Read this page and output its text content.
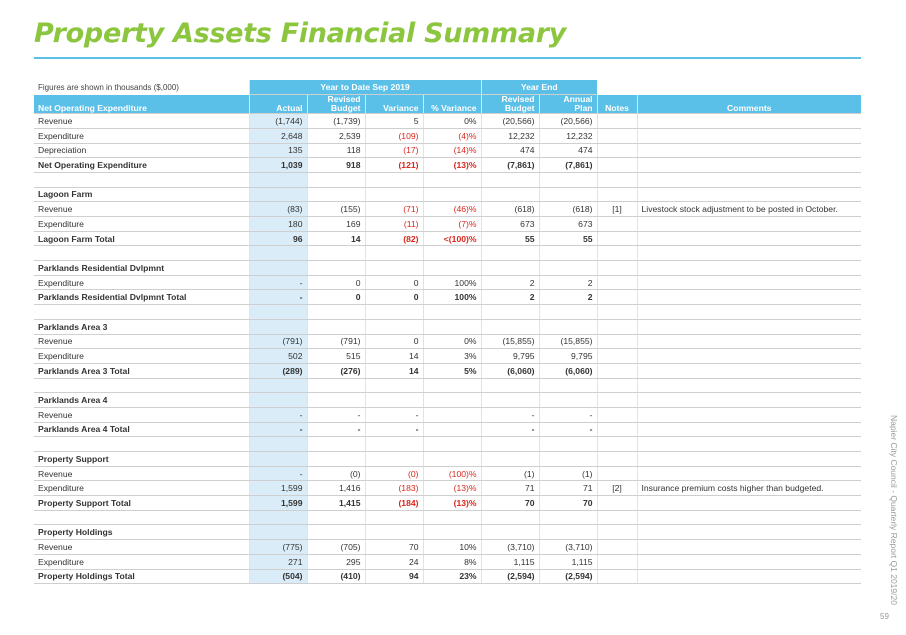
Property Assets Financial Summary
Figures are shown in thousands ($,000)	Year to Date Sep 2019				Year End			
Net Operating Expenditure	Actual	Revised Budget	Variance	% Variance	Revised Budget	Annual Plan	Notes	Comments
Revenue	(1,744)	(1,739)	5	0%	(20,566)	(20,566)		
Expenditure	2,648	2,539	(109)	(4)%	12,232	12,232		
Depreciation	135	118	(17)	(14)%	474	474		
Net Operating Expenditure	1,039	918	(121)	(13)%	(7,861)	(7,861)		

Lagoon Farm								
Revenue	(83)	(155)	(71)	(46)%	(618)	(618)	[1]	Livestock stock adjustment to be posted in October.
Expenditure	180	169	(11)	(7)%	673	673		
Lagoon Farm Total	96	14	(82)	<(100)%	55	55		

Parklands Residential Dvlpmnt								
Expenditure	-	0	0	100%	2	2		
Parklands Residential Dvlpmnt Total	-	0	0	100%	2	2		

Parklands Area 3								
Revenue	(791)	(791)	0	0%	(15,855)	(15,855)		
Expenditure	502	515	14	3%	9,795	9,795		
Parklands Area 3 Total	(289)	(276)	14	5%	(6,060)	(6,060)		

Parklands Area 4								
Revenue	-	-	-		-	-		
Parklands Area 4 Total	-	-	-		-	-		

Property Support								
Revenue	-	(0)	(0)	(100)%	(1)	(1)		
Expenditure	1,599	1,416	(183)	(13)%	71	71	[2]	Insurance premium costs higher than budgeted.
Property Support Total	1,599	1,415	(184)	(13)%	70	70		

Property Holdings								
Revenue	(775)	(705)	70	10%	(3,710)	(3,710)		
Expenditure	271	295	24	8%	1,115	1,115		
Property Holdings Total	(504)	(410)	94	23%	(2,594)	(2,594)			Napier City Council - Quarterly Report Q1 2019/20
59
